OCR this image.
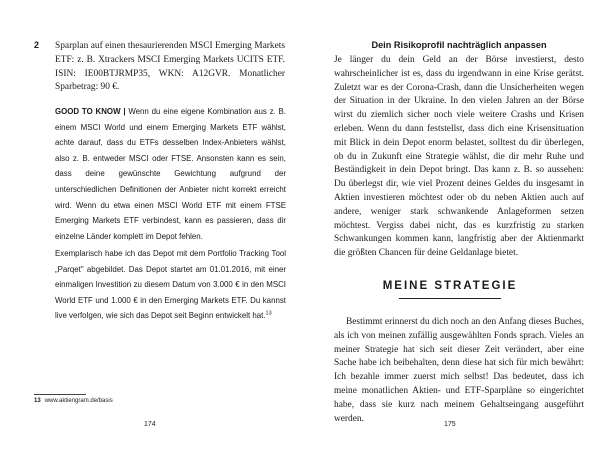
2 Sparplan auf einen thesaurierenden MSCI Emerging Markets ETF: z. B. Xtrackers MSCI Emerging Markets UCITS ETF. ISIN: IE00BTJRMP35, WKN: A12GVR. Monatlicher Sparbetrag: 90 €.

GOOD TO KNOW | Wenn du eine eigene Kombination aus z. B. einem MSCI World und einem Emerging Markets ETF wählst, achte darauf, dass du ETFs desselben Index-Anbieters wählst, also z. B. entweder MSCI oder FTSE. Ansonsten kann es sein, dass deine gewünschte Gewichtung aufgrund der unterschiedlichen Definitionen der Anbieter nicht korrekt erreicht wird. Wenn du etwa einen MSCI World ETF mit einem FTSE Emerging Markets ETF verbindest, kann es passieren, dass dir einzelne Länder komplett im Depot fehlen.

Exemplarisch habe ich das Depot mit dem Portfolio Tracking Tool „Parqet" abgebildet. Das Depot startet am 01.01.2016, mit einer einmaligen Investition zu diesem Datum von 3.000 € in den MSCI World ETF und 1.000 € in den Emerging Markets ETF. Du kannst live verfolgen, wie sich das Depot seit Beginn entwickelt hat.$^{13}$

13 www.aktiengram.de/basis
174
Dein Risikoprofil nachträglich anpassen

Je länger du dein Geld an der Börse investierst, desto wahrscheinlicher ist es, dass du irgendwann in eine Krise gerätst. Zuletzt war es der Corona-Crash, dann die Unsicherheiten wegen der Situation in der Ukraine. In den vielen Jahren an der Börse wirst du ziemlich sicher noch viele weitere Crashs und Krisen erleben. Wenn du dann feststellst, dass dich eine Krisensituation mit Blick in dein Depot enorm belastet, solltest du dir überlegen, ob du in Zukunft eine Strategie wählst, die dir mehr Ruhe und Beständigkeit in dein Depot bringt. Das kann z. B. so aussehen: Du überlegst dir, wie viel Prozent deines Geldes du insgesamt in Aktien investieren möchtest oder ob du neben Aktien auch auf andere, weniger stark schwankende Anlageformen setzen möchtest. Vergiss dabei nicht, das es kurzfristig zu starken Schwankungen kommen kann, langfristig aber der Aktienmarkt die größten Chancen für deine Geldanlage bietet.

MEINE STRATEGIE

Bestimmt erinnerst du dich noch an den Anfang dieses Buches, als ich von meinen zufällig ausgewählten Fonds sprach. Vieles an meiner Strategie hat sich seit dieser Zeit verändert, aber eine Sache habe ich beibehalten, denn diese hat sich für mich bewährt: Ich bezahle immer zuerst mich selbst! Das bedeutet, dass ich meine monatlichen Aktien- und ETF-Sparpläne so eingerichtet habe, dass sie kurz nach meinem Gehaltseingang ausgeführt werden.

175
